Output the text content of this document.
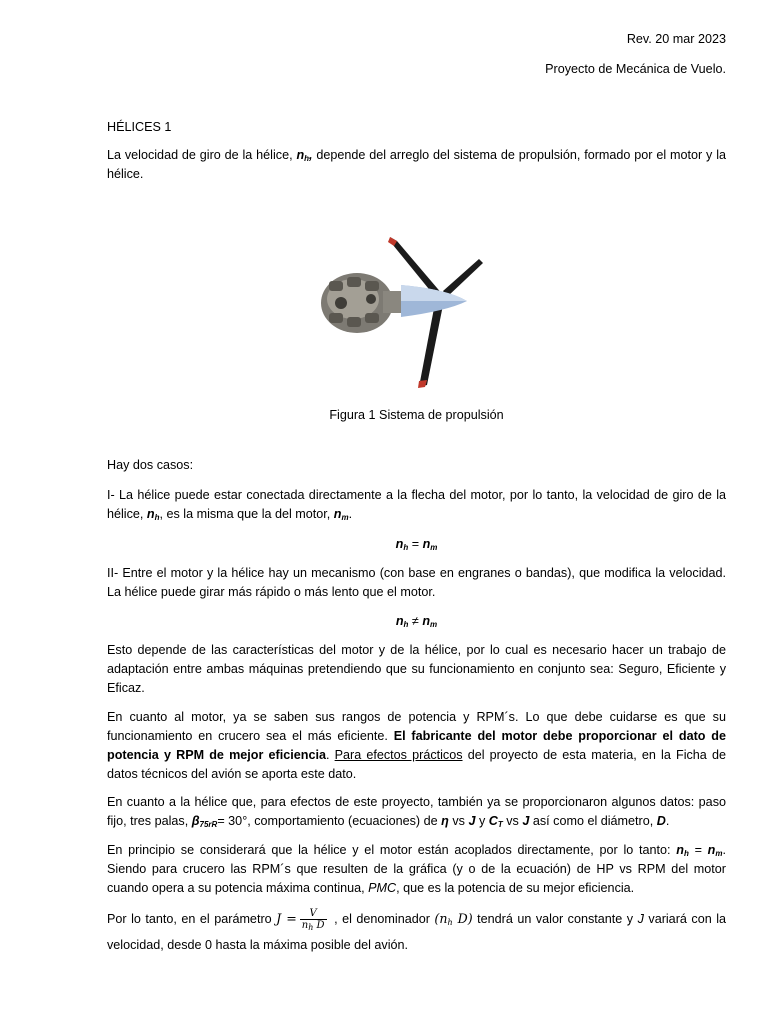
Rev. 20 mar 2023
Proyecto de Mecánica de Vuelo.
HÉLICES 1
La velocidad de giro de la hélice, $n_h$, depende del arreglo del sistema de propulsión, formado por el motor y la hélice.
Figura 1 Sistema de propulsión
Hay dos casos:
I- La hélice puede estar conectada directamente a la flecha del motor, por lo tanto, la velocidad de giro de la hélice, $n_h$, es la misma que la del motor, $n_m$.
$n_h = n_m$
II- Entre el motor y la hélice hay un mecanismo (con base en engranes o bandas), que modifica la velocidad. La hélice puede girar más rápido o más lento que el motor.
$n_h \ne n_m$
Esto depende de las características del motor y de la hélice, por lo cual es necesario hacer un trabajo de adaptación entre ambas máquinas pretendiendo que su funcionamiento en conjunto sea: Seguro, Eficiente y Eficaz.
En cuanto al motor, ya se saben sus rangos de potencia y RPM´s. Lo que debe cuidarse es que su funcionamiento en crucero sea el más eficiente. El fabricante del motor debe proporcionar el dato de potencia y RPM de mejor eficiencia. Para efectos prácticos del proyecto de esta materia, en la Ficha de datos técnicos del avión se aporta este dato.
En cuanto a la hélice que, para efectos de este proyecto, también ya se proporcionaron algunos datos: paso fijo, tres palas, $\beta_{75rR}= 30^\circ$, comportamiento (ecuaciones) de η vs J y $C_T$ vs J así como el diámetro, D.
En principio se considerará que la hélice y el motor están acoplados directamente, por lo tanto: $n_h = n_m$. Siendo para crucero las RPM´s que resulten de la gráfica (y o de la ecuación) de HP vs RPM del motor cuando opera a su potencia máxima continua, PMC, que es la potencia de su mejor eficiencia.
Por lo tanto, en el parámetro $J = \frac{V}{n_h D}$ , el denominador ($n_h$ D) tendrá un valor constante y J variará con la velocidad, desde 0 hasta la máxima posible del avión.
